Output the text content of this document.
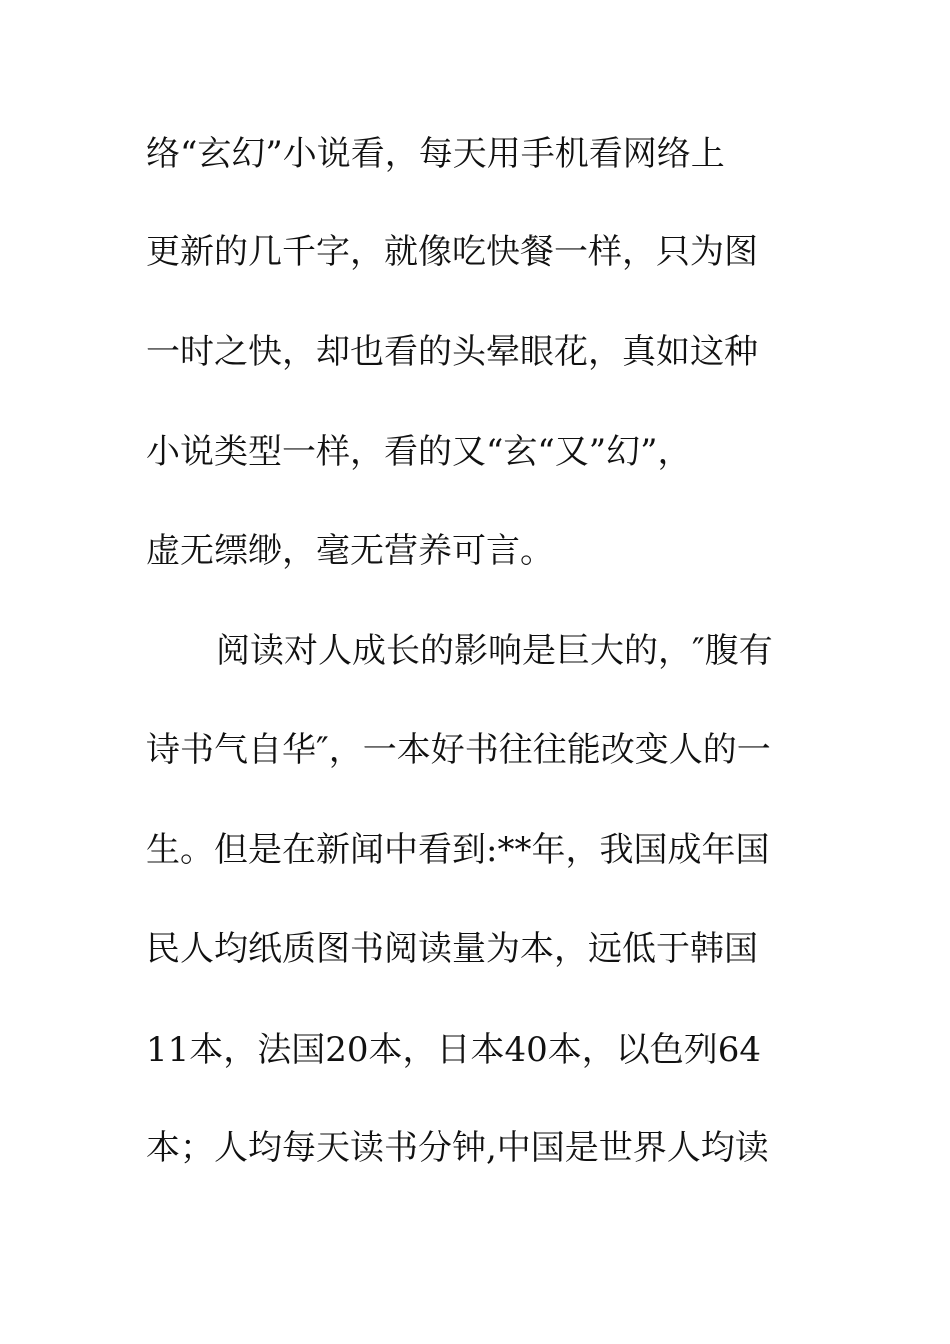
络“玄幻”小说看，每天用手机看网络上
更新的几千字，就像吃快餐一样，只为图
一时之快，却也看的头晕眼花，真如这种
小说类型一样，看的又“玄“又”幻”，
虚无缥缈，毫无营养可言。
阅读对人成长的影响是巨大的，″腹有
诗书气自华″，一本好书往往能改变人的一
生。但是在新闻中看到:**年，我国成年国
民人均纸质图书阅读量为本，远低于韩国
11本，法国20本，日本40本，以色列64
本；人均每天读书分钟,中国是世界人均读
